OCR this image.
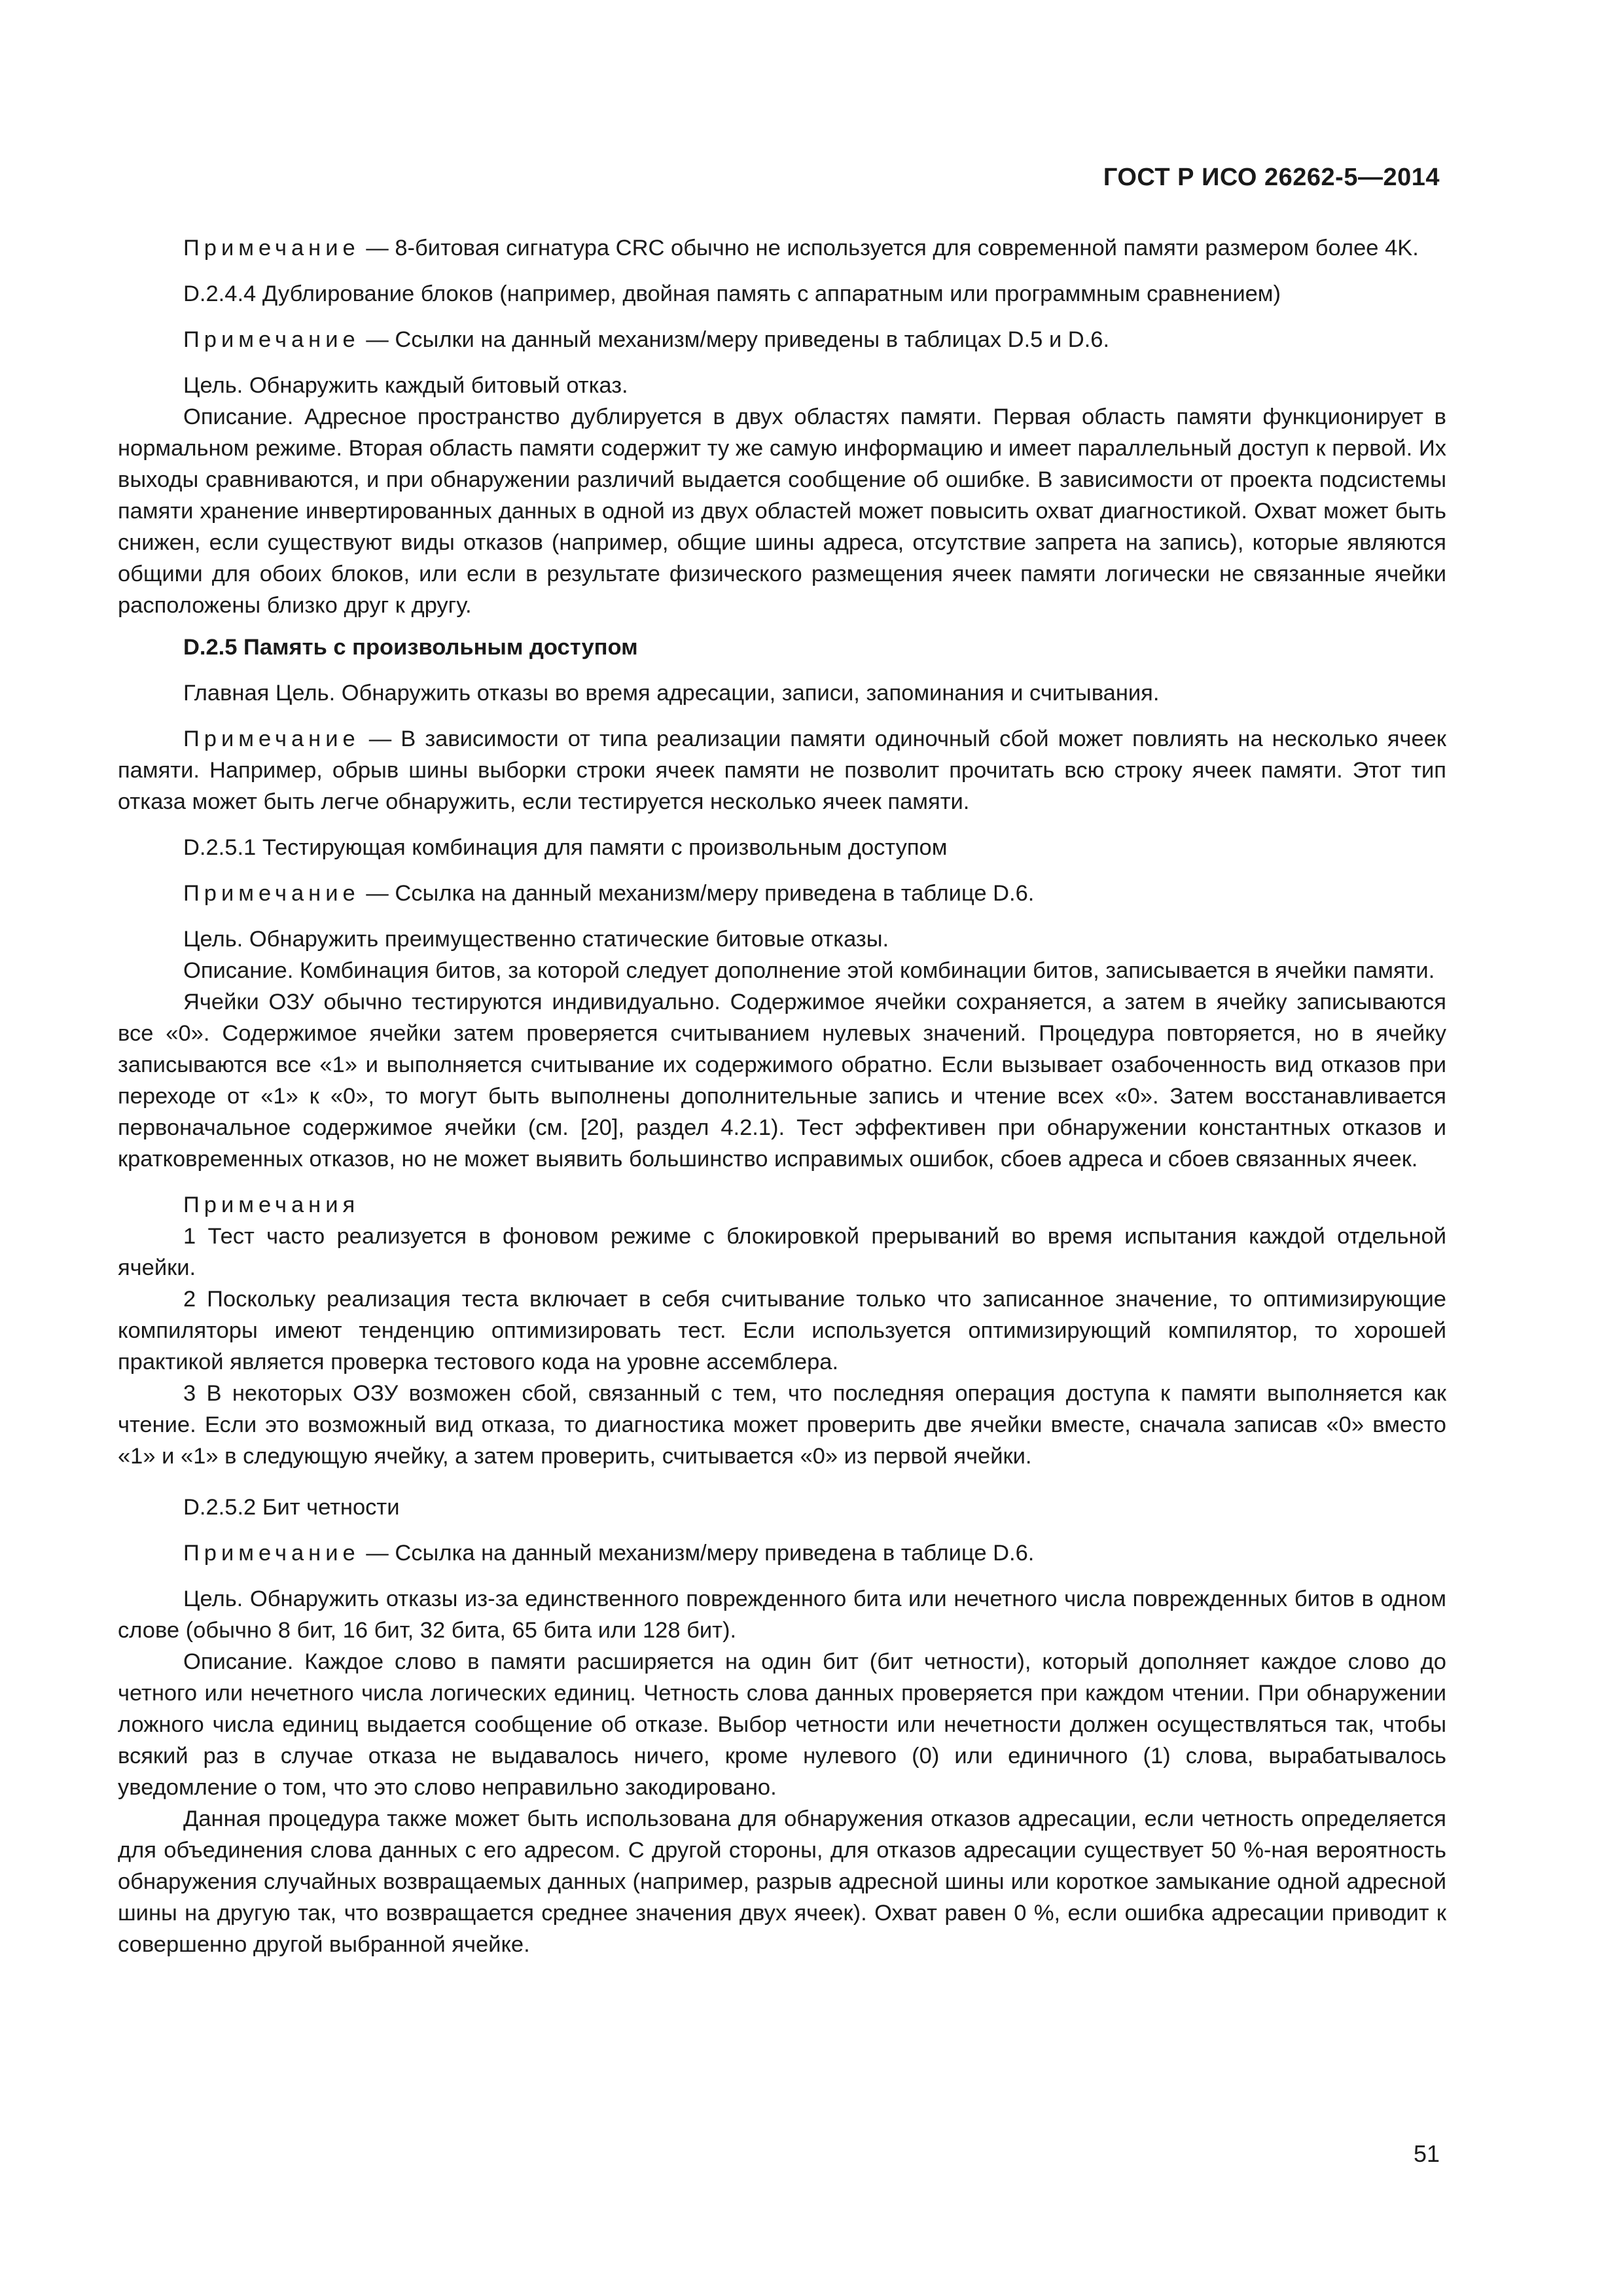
ГОСТ Р ИСО 26262-5—2014

Примечание — 8-битовая сигнатура CRC обычно не используется для современной памяти размером более 4K.

D.2.4.4 Дублирование блоков (например, двойная память с аппаратным или программным сравнением)

Примечание — Ссылки на данный механизм/меру приведены в таблицах D.5 и D.6.

Цель. Обнаружить каждый битовый отказ.

Описание. Адресное пространство дублируется в двух областях памяти. Первая область памяти функционирует в нормальном режиме. Вторая область памяти содержит ту же самую информацию и имеет параллельный доступ к первой. Их выходы сравниваются, и при обнаружении различий выдается сообщение об ошибке. В зависимости от проекта подсистемы памяти хранение инвертированных данных в одной из двух областей может повысить охват диагностикой. Охват может быть снижен, если существуют виды отказов (например, общие шины адреса, отсутствие запрета на запись), которые являются общими для обоих блоков, или если в результате физического размещения ячеек памяти логически не связанные ячейки расположены близко друг к другу.

D.2.5 Память с произвольным доступом

Главная Цель. Обнаружить отказы во время адресации, записи, запоминания и считывания.

Примечание — В зависимости от типа реализации памяти одиночный сбой может повлиять на несколько ячеек памяти. Например, обрыв шины выборки строки ячеек памяти не позволит прочитать всю строку ячеек памяти. Этот тип отказа может быть легче обнаружить, если тестируется несколько ячеек памяти.

D.2.5.1 Тестирующая комбинация для памяти с произвольным доступом

Примечание — Ссылка на данный механизм/меру приведена в таблице D.6.

Цель. Обнаружить преимущественно статические битовые отказы.

Описание. Комбинация битов, за которой следует дополнение этой комбинации битов, записывается в ячейки памяти.

Ячейки ОЗУ обычно тестируются индивидуально. Содержимое ячейки сохраняется, а затем в ячейку записываются все «0». Содержимое ячейки затем проверяется считыванием нулевых значений. Процедура повторяется, но в ячейку записываются все «1» и выполняется считывание их содержимого обратно. Если вызывает озабоченность вид отказов при переходе от «1» к «0», то могут быть выполнены дополнительные запись и чтение всех «0». Затем восстанавливается первоначальное содержимое ячейки (см. [20], раздел 4.2.1). Тест эффективен при обнаружении константных отказов и кратковременных отказов, но не может выявить большинство исправимых ошибок, сбоев адреса и сбоев связанных ячеек.

Примечания

1 Тест часто реализуется в фоновом режиме с блокировкой прерываний во время испытания каждой отдельной ячейки.

2 Поскольку реализация теста включает в себя считывание только что записанное значение, то оптимизирующие компиляторы имеют тенденцию оптимизировать тест. Если используется оптимизирующий компилятор, то хорошей практикой является проверка тестового кода на уровне ассемблера.

3 В некоторых ОЗУ возможен сбой, связанный с тем, что последняя операция доступа к памяти выполняется как чтение. Если это возможный вид отказа, то диагностика может проверить две ячейки вместе, сначала записав «0» вместо «1» и «1» в следующую ячейку, а затем проверить, считывается «0» из первой ячейки.

D.2.5.2 Бит четности

Примечание — Ссылка на данный механизм/меру приведена в таблице D.6.

Цель. Обнаружить отказы из-за единственного поврежденного бита или нечетного числа поврежденных битов в одном слове (обычно 8 бит, 16 бит, 32 бита, 65 бита или 128 бит).

Описание. Каждое слово в памяти расширяется на один бит (бит четности), который дополняет каждое слово до четного или нечетного числа логических единиц. Четность слова данных проверяется при каждом чтении. При обнаружении ложного числа единиц выдается сообщение об отказе. Выбор четности или нечетности должен осуществляться так, чтобы всякий раз в случае отказа не выдавалось ничего, кроме нулевого (0) или единичного (1) слова, вырабатывалось уведомление о том, что это слово неправильно закодировано.

Данная процедура также может быть использована для обнаружения отказов адресации, если четность определяется для объединения слова данных с его адресом. С другой стороны, для отказов адресации существует 50 %-ная вероятность обнаружения случайных возвращаемых данных (например, разрыв адресной шины или короткое замыкание одной адресной шины на другую так, что возвращается среднее значения двух ячеек). Охват равен 0 %, если ошибка адресации приводит к совершенно другой выбранной ячейке.

51
